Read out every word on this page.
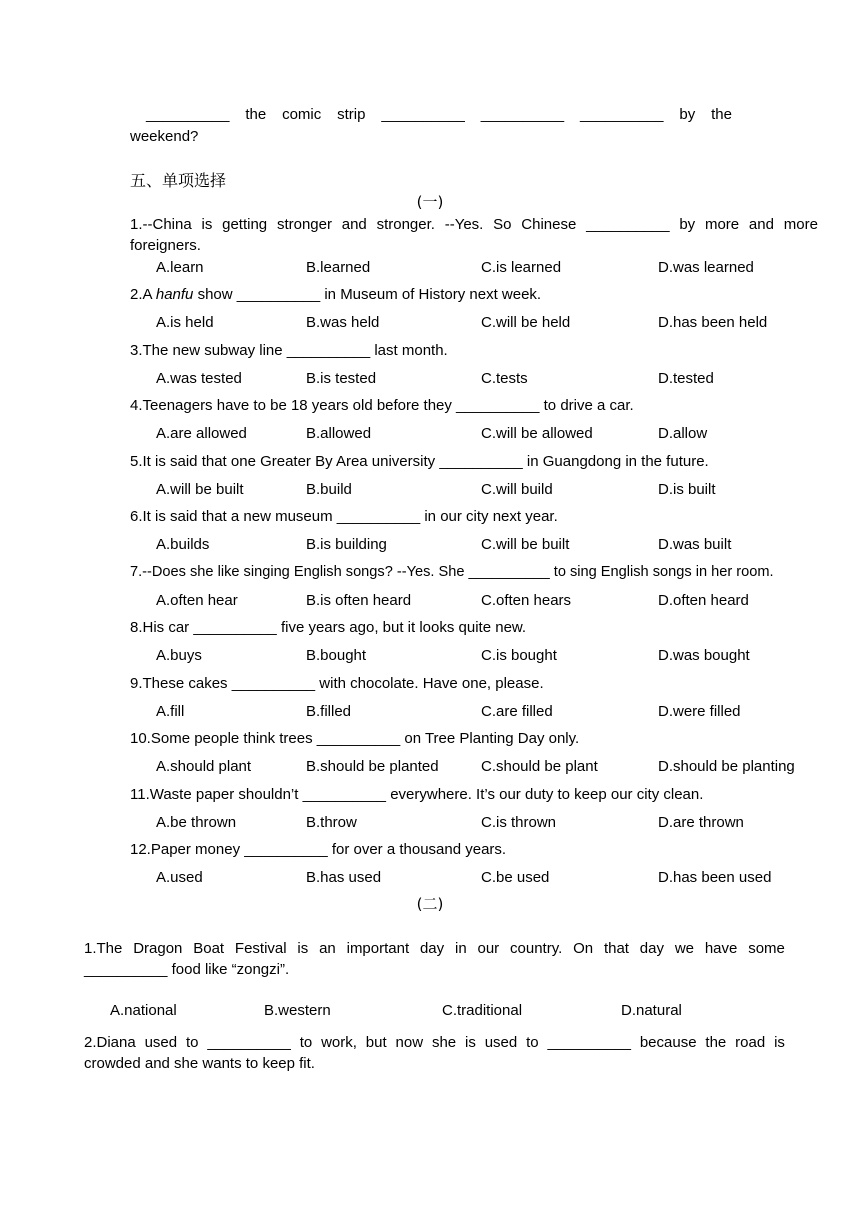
__________ the comic strip __________ __________ __________ by the
weekend?
五、单项选择
(一)
1.--China is getting stronger and stronger. --Yes. So Chinese __________ by more and more
foreigners.
A.learn	B.learned	C.is learned	D.was learned
2.A hanfu show __________ in Museum of History next week.
A.is held	B.was held	C.will be held	D.has been held
3.The new subway line __________ last month.
A.was tested	B.is tested	C.tests	D.tested
4.Teenagers have to be 18 years old before they __________ to drive a car.
A.are allowed	B.allowed	C.will be allowed	D.allow
5.It is said that one Greater By Area university __________ in Guangdong in the future.
A.will be built	B.build	C.will build	D.is built
6.It is said that a new museum __________ in our city next year.
A.builds	B.is building	C.will be built	D.was built
7.--Does she like singing English songs? --Yes. She __________ to sing English songs in her room.
A.often hear	B.is often heard	C.often hears	D.often heard
8.His car __________ five years ago, but it looks quite new.
A.buys	B.bought	C.is bought	D.was bought
9.These cakes __________ with chocolate. Have one, please.
A.fill	B.filled	C.are filled	D.were filled
10.Some people think trees __________ on Tree Planting Day only.
A.should plant	B.should be planted	C.should be plant	D.should be planting
11.Waste paper shouldn’t __________ everywhere. It’s our duty to keep our city clean.
A.be thrown	B.throw	C.is thrown	D.are thrown
12.Paper money __________ for over a thousand years.
A.used	B.has used	C.be used	D.has been used
(二)
1.The Dragon Boat Festival is an important day in our country. On that day we have some
__________ food like “zongzi”.
A.national	B.western	C.traditional	D.natural
2.Diana used to __________ to work, but now she is used to __________ because the road is
crowded and she wants to keep fit.
